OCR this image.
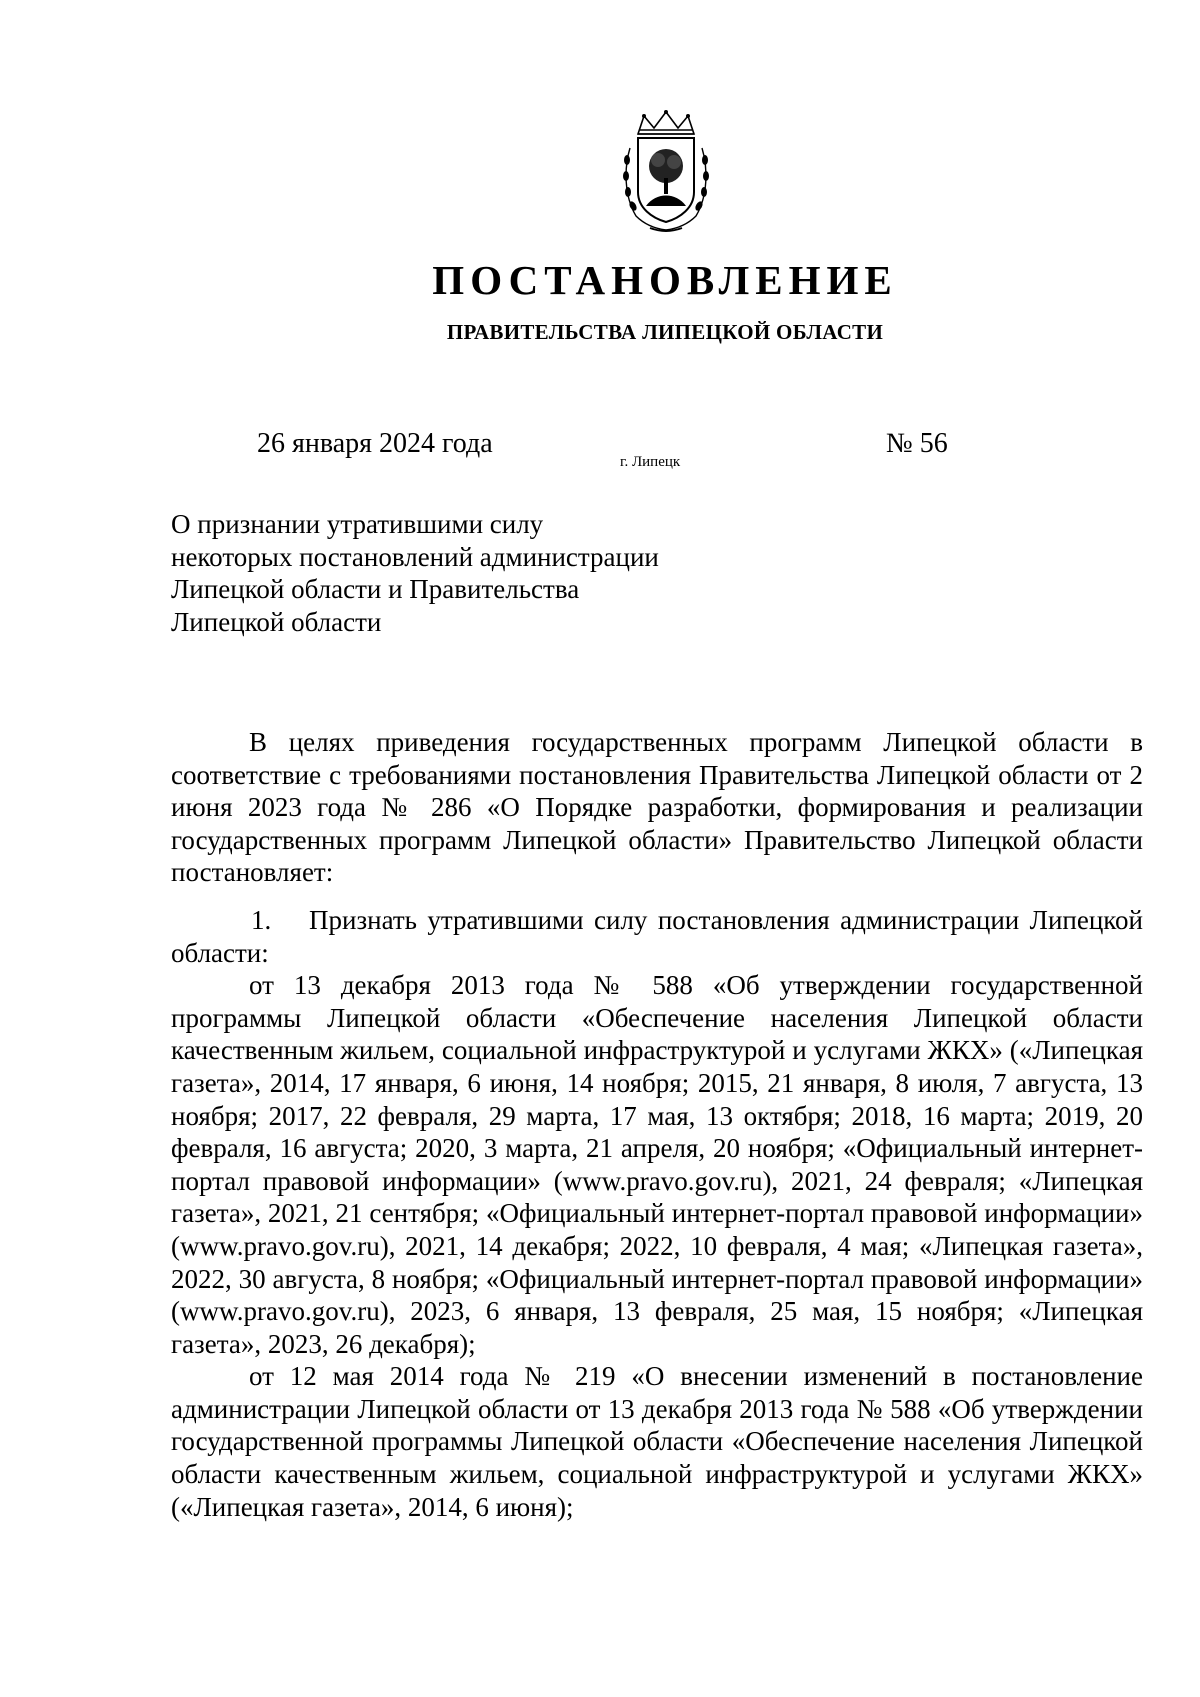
ПОСТАНОВЛЕНИЕ
ПРАВИТЕЛЬСТВА ЛИПЕЦКОЙ ОБЛАСТИ
26 января 2024 года
г. Липецк
№ 56
О признании утратившими силу
некоторых постановлений администрации
Липецкой области и Правительства
Липецкой области

В целях приведения государственных программ Липецкой области в соответствие с требованиями постановления Правительства Липецкой области от 2 июня 2023 года № 286 «О Порядке разработки, формирования и реализации государственных программ Липецкой области» Правительство Липецкой области постановляет:

1. Признать утратившими силу постановления администрации Липецкой области:

от 13 декабря 2013 года № 588 «Об утверждении государственной программы Липецкой области «Обеспечение населения Липецкой области качественным жильем, социальной инфраструктурой и услугами ЖКХ» («Липецкая газета», 2014, 17 января, 6 июня, 14 ноября; 2015, 21 января, 8 июля, 7 августа, 13 ноября; 2017, 22 февраля, 29 марта, 17 мая, 13 октября; 2018, 16 марта; 2019, 20 февраля, 16 августа; 2020, 3 марта, 21 апреля, 20 ноября; «Официальный интернет-портал правовой информации» (www.pravo.gov.ru), 2021, 24 февраля; «Липецкая газета», 2021, 21 сентября; «Официальный интернет-портал правовой информации» (www.pravo.gov.ru), 2021, 14 декабря; 2022, 10 февраля, 4 мая; «Липецкая газета», 2022, 30 августа, 8 ноября; «Официальный интернет-портал правовой информации» (www.pravo.gov.ru), 2023, 6 января, 13 февраля, 25 мая, 15 ноября; «Липецкая газета», 2023, 26 декабря);

от 12 мая 2014 года № 219 «О внесении изменений в постановление администрации Липецкой области от 13 декабря 2013 года № 588 «Об утверждении государственной программы Липецкой области «Обеспечение населения Липецкой области качественным жильем, социальной инфраструктурой и услугами ЖКХ» («Липецкая газета», 2014, 6 июня);
